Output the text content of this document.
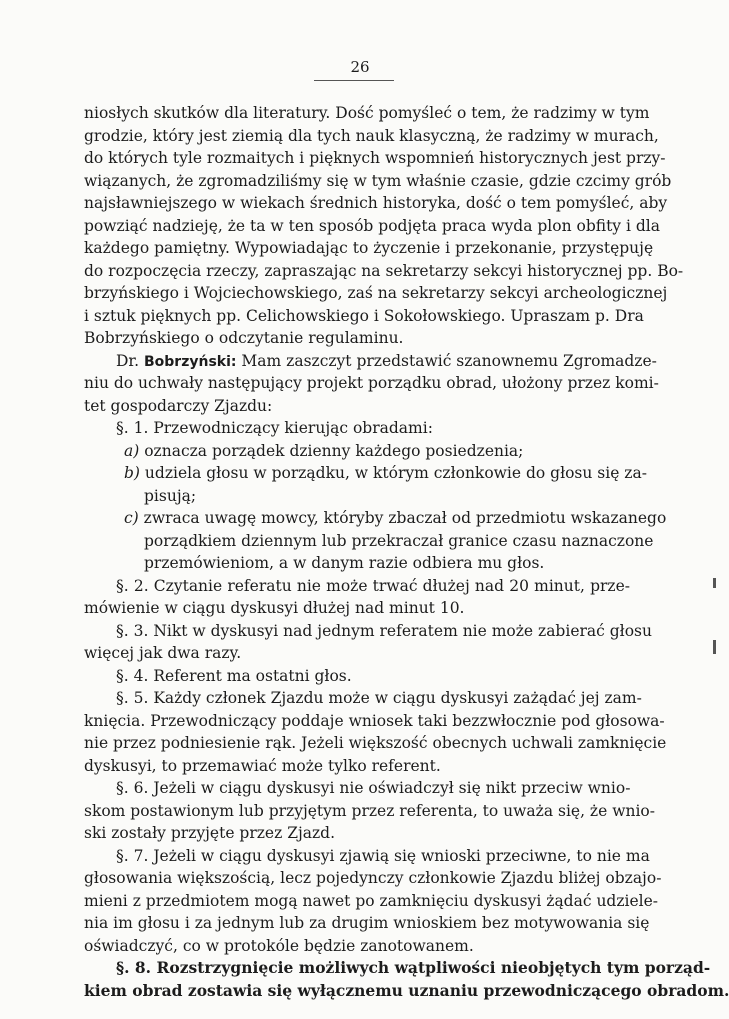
26
niosłych skutków dla literatury. Dość pomyśleć o tem, że radzimy w tym
grodzie, który jest ziemią dla tych nauk klasyczną, że radzimy w murach,
do których tyle rozmaitych i pięknych wspomnień historycznych jest przy-
wiązanych, że zgromadziliśmy się w tym właśnie czasie, gdzie czcimy grób
najsławniejszego w wiekach średnich historyka, dość o tem pomyśleć, aby
powziąć nadzieję, że ta w ten sposób podjęta praca wyda plon obfity i dla
każdego pamiętny. Wypowiadając to życzenie i przekonanie, przystępuję
do rozpoczęcia rzeczy, zapraszając na sekretarzy sekcyi historycznej pp. Bo-
brzyńskiego i Wojciechowskiego, zaś na sekretarzy sekcyi archeologicznej
i sztuk pięknych pp. Celichowskiego i Sokołowskiego. Upraszam p. Dra
Bobrzyńskiego o odczytanie regulaminu.
Dr. Bobrzyński: Mam zaszczyt przedstawić szanownemu Zgromadze-
niu do uchwały następujący projekt porządku obrad, ułożony przez komi-
tet gospodarczy Zjazdu:
§. 1. Przewodniczący kierując obradami:
a) oznacza porządek dzienny każdego posiedzenia;
b) udziela głosu w porządku, w którym członkowie do głosu się za-
pisują;
c) zwraca uwagę mowcy, któryby zbaczał od przedmiotu wskazanego
porządkiem dziennym lub przekraczał granice czasu naznaczone
przemówieniom, a w danym razie odbiera mu głos.
§. 2. Czytanie referatu nie może trwać dłużej nad 20 minut, prze-
mówienie w ciągu dyskusyi dłużej nad minut 10.
§. 3. Nikt w dyskusyi nad jednym referatem nie może zabierać głosu
więcej jak dwa razy.
§. 4. Referent ma ostatni głos.
§. 5. Każdy członek Zjazdu może w ciągu dyskusyi zażądać jej zam-
knięcia. Przewodniczący poddaje wniosek taki bezzwłocznie pod głosowa-
nie przez podniesienie rąk. Jeżeli większość obecnych uchwali zamknięcie
dyskusyi, to przemawiać może tylko referent.
§. 6. Jeżeli w ciągu dyskusyi nie oświadczył się nikt przeciw wnio-
skom postawionym lub przyjętym przez referenta, to uważa się, że wnio-
ski zostały przyjęte przez Zjazd.
§. 7. Jeżeli w ciągu dyskusyi zjawią się wnioski przeciwne, to nie ma
głosowania większością, lecz pojedynczy członkowie Zjazdu bliżej obzajo-
mieni z przedmiotem mogą nawet po zamknięciu dyskusyi żądać udziele-
nia im głosu i za jednym lub za drugim wnioskiem bez motywowania się
oświadczyć, co w protokóle będzie zanotowanem.
§. 8. Rozstrzygnięcie możliwych wątpliwości nieobjętych tym porząd-
kiem obrad zostawia się wyłącznemu uznaniu przewodniczącego obradom.
